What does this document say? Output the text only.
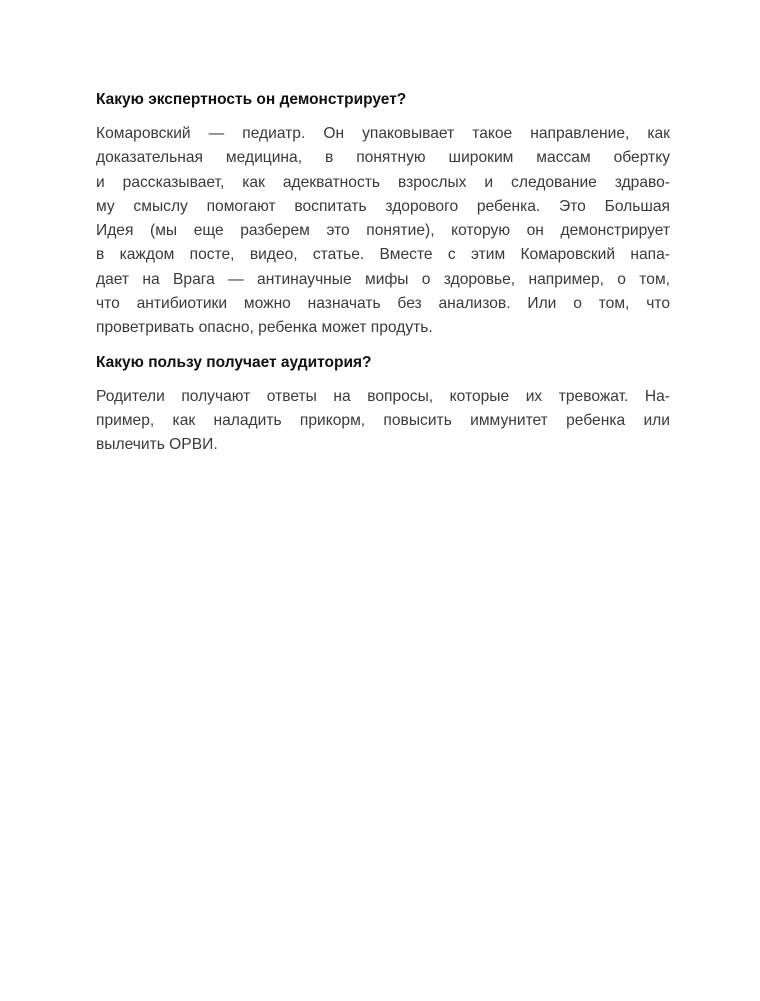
Какую экспертность он демонстрирует?
Комаровский — педиатр. Он упаковывает такое направление, как
доказательная медицина, в понятную широким массам обертку
и рассказывает, как адекватность взрослых и следование здраво-
му смыслу помогают воспитать здорового ребенка. Это Большая
Идея (мы еще разберем это понятие), которую он демонстрирует
в каждом посте, видео, статье. Вместе с этим Комаровский напа-
дает на Врага — антинаучные мифы о здоровье, например, о том,
что антибиотики можно назначать без анализов. Или о том, что
проветривать опасно, ребенка может продуть.
Какую пользу получает аудитория?
Родители получают ответы на вопросы, которые их тревожат. На-
пример, как наладить прикорм, повысить иммунитет ребенка или
вылечить ОРВИ.
